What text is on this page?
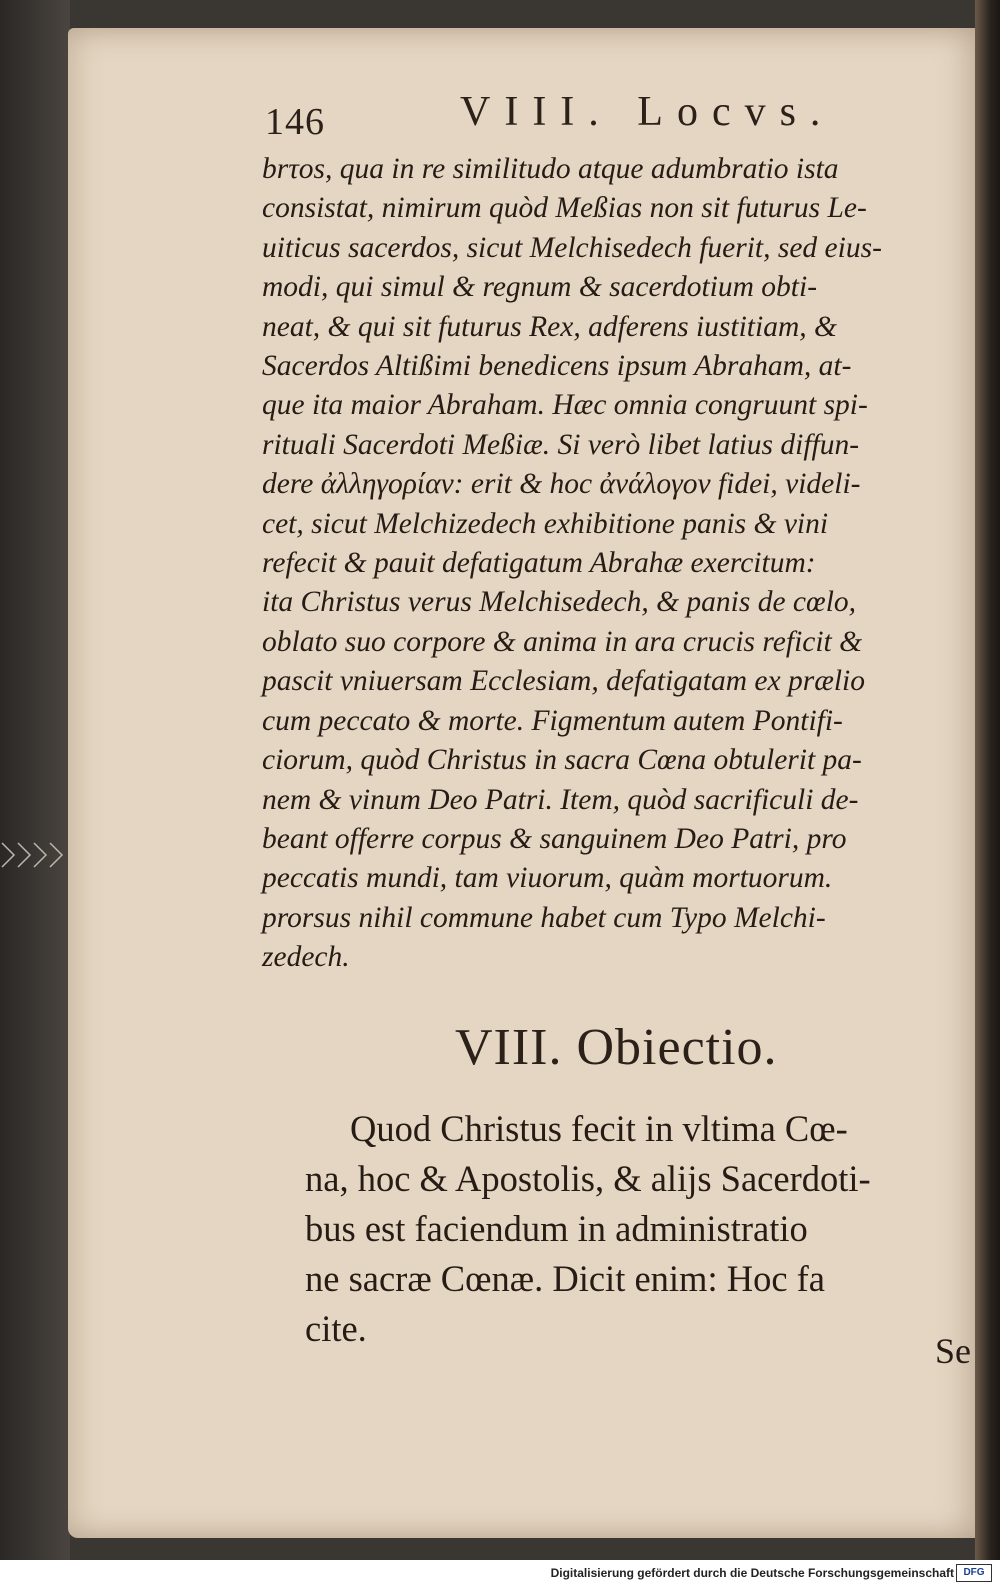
146	VIII. Locvs.
brτos, qua in re similitudo atque adumbratio ista
consistat, nimirum quòd Meßias non sit futurus Le-
uiticus sacerdos, sicut Melchisedech fuerit, sed eius-
modi, qui simul & regnum & sacerdotium obti-
neat, & qui sit futurus Rex, adferens iustitiam, &
Sacerdos Altißimi benedicens ipsum Abraham, at-
que ita maior Abraham. Hæc omnia congruunt spi-
rituali Sacerdoti Meßiæ. Si verò libet latius diffun-
dere ἀλληγορίαν: erit & hoc ἀνάλογον fidei, videli-
cet, sicut Melchizedech exhibitione panis & vini
refecit & pauit defatigatum Abrahæ exercitum:
ita Christus verus Melchisedech, & panis de cœlo,
oblato suo corpore & anima in ara crucis reficit &
pascit vniuersam Ecclesiam, defatigatam ex prælio
cum peccato & morte. Figmentum autem Pontifi-
ciorum, quòd Christus in sacra Cœna obtulerit pa-
nem & vinum Deo Patri. Item, quòd sacrificuli de-
beant offerre corpus & sanguinem Deo Patri, pro
peccatis mundi, tam viuorum, quàm mortuorum.
prorsus nihil commune habet cum Typo Melchi-
zedech.
VIII. Obiectio.
Quod Christus fecit in vltima Cœ-
na, hoc & Apostolis, & alijs Sacerdoti-
bus est faciendum in administratio
ne sacræ Cœnæ. Dicit enim: Hoc fa
cite.
Se
Digitalisierung gefördert durch die Deutsche Forschungsgemeinschaft DFG
